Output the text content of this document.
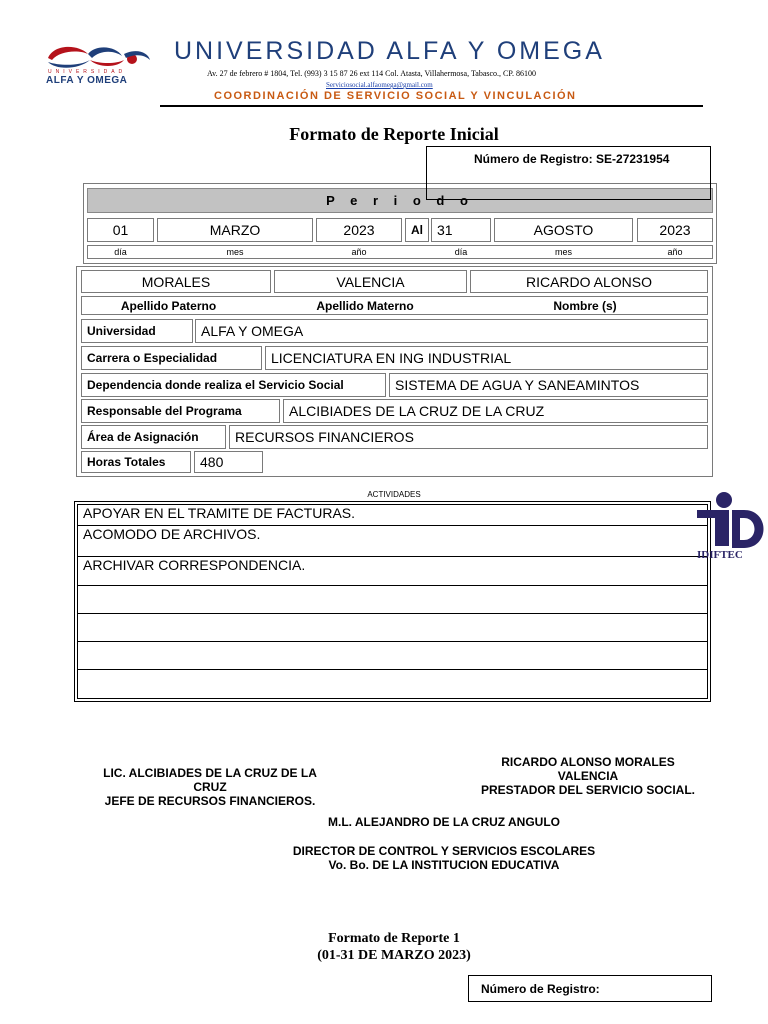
UNIVERSIDAD
ALFA Y OMEGA
UNIVERSIDAD ALFA Y OMEGA
Av. 27 de febrero # 1804, Tel. (993) 3 15 87 26 ext 114 Col. Atasta, Villahermosa, Tabasco., CP. 86100
Serviciosocial.alfaomega@gmail.com
COORDINACIÓN DE SERVICIO SOCIAL Y VINCULACIÓN
Formato de Reporte Inicial
P e r i o d o
01	MARZO	2023	Al	31	AGOSTO	2023
día	mes	año	día	mes	año
Número de Registro: SE-27231954
MORALES	VALENCIA	RICARDO ALONSO
Apellido Paterno	Apellido Materno	Nombre (s)
Universidad	ALFA Y OMEGA
Carrera o Especialidad	LICENCIATURA EN ING INDUSTRIAL
Dependencia donde realiza el Servicio Social	SISTEMA DE AGUA Y SANEAMINTOS
Responsable del Programa	ALCIBIADES DE LA CRUZ DE LA CRUZ
Área de Asignación	RECURSOS FINANCIEROS
Horas Totales	480
ACTIVIDADES
APOYAR EN EL TRAMITE DE FACTURAS.
ACOMODO DE ARCHIVOS.
ARCHIVAR CORRESPONDENCIA.
IDIFTEC
LIC. ALCIBIADES DE LA CRUZ DE LA
CRUZ
JEFE DE RECURSOS FINANCIEROS.
RICARDO ALONSO MORALES
VALENCIA
PRESTADOR DEL SERVICIO SOCIAL.
M.L. ALEJANDRO DE LA CRUZ ANGULO
DIRECTOR DE CONTROL Y SERVICIOS ESCOLARES
Vo. Bo. DE LA INSTITUCION EDUCATIVA
Formato de Reporte 1
(01-31 DE MARZO 2023)
Número de Registro:
